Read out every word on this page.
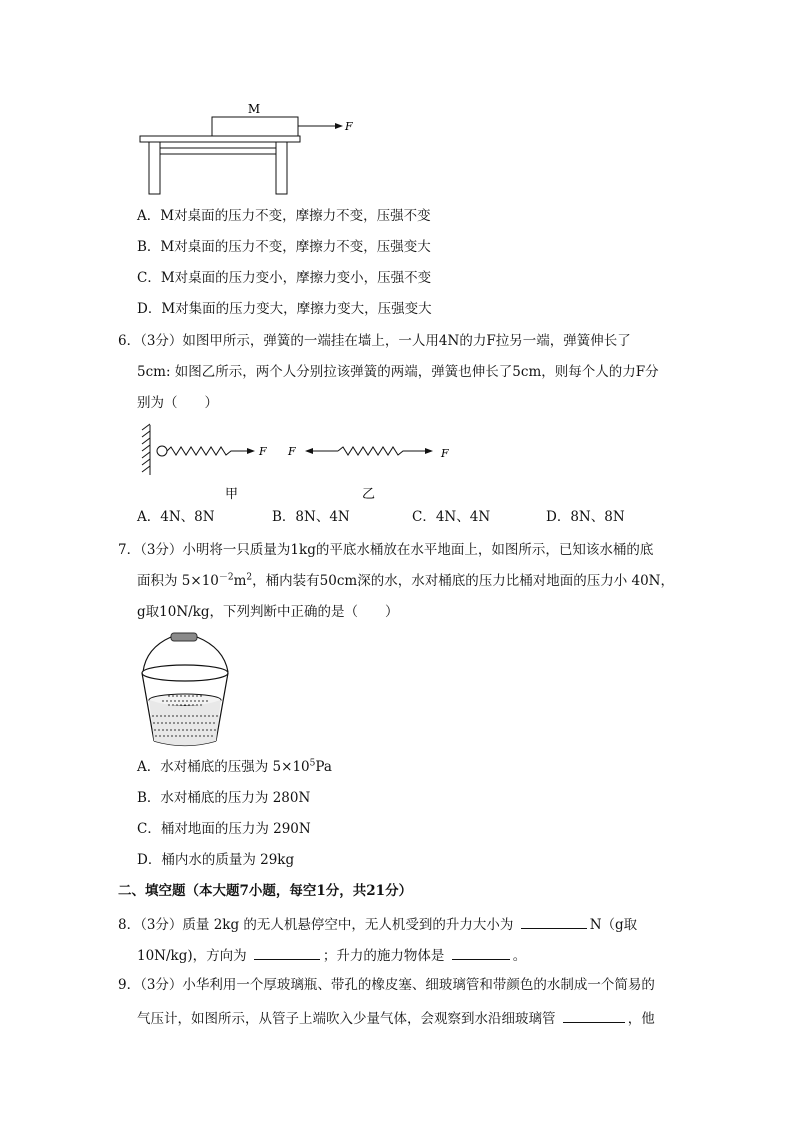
M
F
A．M对桌面的压力不变，摩擦力不变，压强不变
B．M对桌面的压力不变，摩擦力不变，压强变大
C．M对桌面的压力变小，摩擦力变小，压强不变
D．M对集面的压力变大，摩擦力变大，压强变大
6．（3分）如图甲所示，弹簧的一端挂在墙上，一人用4N的力F拉另一端，弹簧伸长了
5cm: 如图乙所示，两个人分别拉该弹簧的两端，弹簧也伸长了5cm，则每个人的力F分
别为（　　）
F F	F
甲	乙
A．4N、8N	B．8N、4N	C．4N、4N	D．8N、8N
7．（3分）小明将一只质量为1kg的平底水桶放在水平地面上，如图所示，已知该水桶的底
面积为 $5\times 10^{-2}m^2$，桶内装有50cm深的水，水对桶底的压力比桶对地面的压力小 40N，
g取10N/kg，下列判断中正确的是（　　）
A．水对桶底的压强为 $5\times 10^5Pa$
B．水对桶底的压力为 280N
C．桶对地面的压力为 290N
D．桶内水的质量为 29kg
二、填空题（本大题7小题，每空1分，共21分）
8．（3分）质量 2kg 的无人机悬停空中，无人机受到的升力大小为	N（g取
10N/kg)，方向为	；升力的施力物体是	。
9．（3分）小华利用一个厚玻璃瓶、带孔的橡皮塞、细玻璃管和带颜色的水制成一个简易的
气压计，如图所示，从管子上端吹入少量气体，会观察到水沿细玻璃管	，他
